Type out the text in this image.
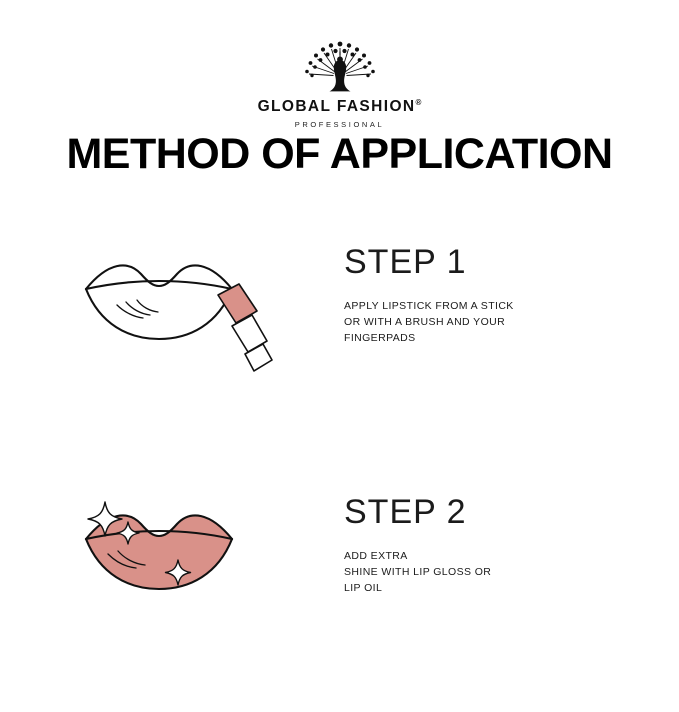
GLOBAL FASHION®
PROFESSIONAL
METHOD OF APPLICATION
STEP 1
APPLY LIPSTICK FROM A STICK
OR WITH A BRUSH AND YOUR
FINGERPADS
STEP 2
ADD EXTRA
SHINE WITH LIP GLOSS OR
LIP OIL
